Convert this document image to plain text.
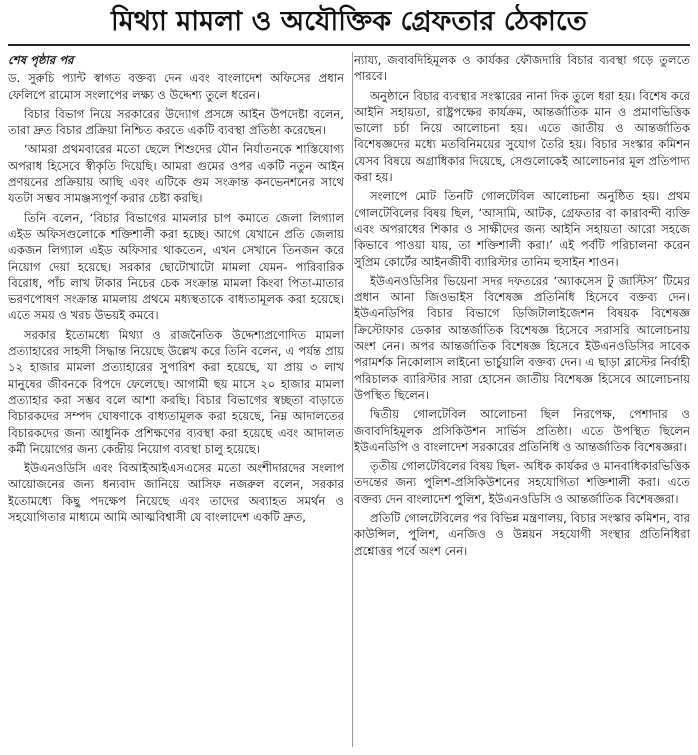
মিথ্যা মামলা ও অযৌক্তিক গ্রেফতার ঠেকাতে
শেষ পৃষ্ঠার পর

ড. সুরুচি প্যান্ট স্বাগত বক্তব্য দেন এবং বাংলাদেশ অফিসের প্রধান ফেলিপে রামোস সংলাপের লক্ষ্য ও উদ্দেশ্য তুলে ধরেন।

বিচার বিভাগ নিয়ে সরকারের উদ্যোগ প্রসঙ্গে আইন উপদেষ্টা বলেন, তারা দ্রুত বিচার প্রক্রিয়া নিশ্চিত করতে একটি ব্যবস্থা প্রতিষ্ঠা করেছেন।

‘আমরা প্রথমবারের মতো ছেলে শিশুদের যৌন নির্যাতনকে শাস্তিযোগ্য অপরাধ হিসেবে স্বীকৃতি দিয়েছি। আমরা গুমের ওপর একটি নতুন আইন প্রণয়নের প্রক্রিয়ায় আছি এবং এটিকে গুম সংক্রান্ত কনভেনশনের সাথে যতটা সম্ভব সামঞ্জস্যপূর্ণ করার চেষ্টা করছি।

তিনি বলেন, ‘বিচার বিভাগের মামলার চাপ কমাতে জেলা লিগ্যাল এইড অফিসগুলোকে শক্তিশালী করা হচ্ছে। আগে যেখানে প্রতি জেলায় একজন লিগ্যাল এইড অফিসার থাকতেন, এখন সেখানে তিনজন করে নিয়োগ দেয়া হয়েছে। সরকার ছোটোখাটো মামলা যেমন- পারিবারিক বিরোধ, পাঁচ লাখ টাকার নিচের চেক সংক্রান্ত মামলা কিংবা পিতা-মাতার ভরণপোষণ সংক্রান্ত মামলায় প্রথমে মধ্যস্থতাকে বাধ্যতামূলক করা হয়েছে। এতে সময় ও খরচ উভয়ই কমবে।

সরকার ইতোমধ্যে মিথ্যা ও রাজনৈতিক উদ্দেশ্যপ্রণোদিত মামলা প্রত্যাহারের সাহসী সিদ্ধান্ত নিয়েছে উল্লেখ করে তিনি বলেন, এ পর্যন্ত প্রায় ১২ হাজার মামলা প্রত্যাহারের সুপারিশ করা হয়েছে, যা প্রায় ৩ লাখ মানুষের জীবনকে বিপদে ফেলেছে। আগামী ছয় মাসে ২০ হাজার মামলা প্রত্যাহার করা সম্ভব বলে আশা করছি। বিচার বিভাগের স্বচ্ছতা বাড়াতে বিচারকদের সম্পদ ঘোষণাকে বাধ্যতামূলক করা হয়েছে, নিম্ন আদালতের বিচারকদের জন্য আধুনিক প্রশিক্ষণের ব্যবস্থা করা হয়েছে এবং আদালত কর্মী নিয়োগের জন্য কেন্দ্রীয় নিয়োগ ব্যবস্থা চালু হয়েছে।

ইউএনওডিসি এবং বিআইআইএসএসের মতো অংশীদারদের সংলাপ আয়োজনের জন্য ধন্যবাদ জানিয়ে আসিফ নজরুল বলেন, সরকার ইতোমধ্যে কিছু পদক্ষেপ নিয়েছে এবং তাদের অব্যাহত সমর্থন ও সহযোগিতার মাধ্যমে আমি আত্মবিশ্বাসী যে বাংলাদেশ একটি দ্রুত,

ন্যায্য, জবাবদিহিমূলক ও কার্যকর ফৌজদারি বিচার ব্যবস্থা গড়ে তুলতে পারবে।

অনুষ্ঠানে বিচার ব্যবস্থার সংস্কারের নানা দিক তুলে ধরা হয়। বিশেষ করে আইনি সহায়তা, রাষ্ট্রপক্ষের কার্যক্রম, আন্তর্জাতিক মান ও প্রমাণভিত্তিক ভালো চর্চা নিয়ে আলোচনা হয়। এতে জাতীয় ও আন্তর্জাতিক বিশেষজ্ঞদের মধ্যে মতবিনিময়ের সুযোগ তৈরি হয়। বিচার সংস্কার কমিশন যেসব বিষয়ে অগ্রাধিকার দিয়েছে, সেগুলোকেই আলোচনার মূল প্রতিপাদ্য করা হয়।

সংলাপে মোট তিনটি গোলটেবিল আলোচনা অনুষ্ঠিত হয়। প্রথম গোলটেবিলের বিষয় ছিল, ‘আসামি, আটক, গ্রেফতার বা কারাবন্দী ব্যক্তি এবং অপরাধের শিকার ও সাক্ষীদের জন্য আইনি সহায়তা আরো সহজে কিভাবে পাওয়া যায়, তা শক্তিশালী করা।’ এই পর্বটি পরিচালনা করেন সুপ্রিম কোর্টের আইনজীবী ব্যারিস্টার তানিম হুসাইন শাওন।

ইউএনওডিসির ভিয়েনা সদর দফতরের ‘অ্যাকসেস টু জাস্টিস’ টিমের প্রধান আনা জিওভাইস বিশেষজ্ঞ প্রতিনিধি হিসেবে বক্তব্য দেন। ইউএনডিপির বিচার বিভাগে ডিজিটালাইজেশন বিষয়ক বিশেষজ্ঞ ক্রিস্টোফার ডেকার আন্তর্জাতিক বিশেষজ্ঞ হিসেবে সরাসরি আলোচনায় অংশ নেন। অপর আন্তর্জাতিক বিশেষজ্ঞ হিসেবে ইউএনওডিসির সাবেক পরামর্শক নিকোলাস লাইনো ভার্চুয়ালি বক্তব্য দেন। এ ছাড়া ব্লাস্টের নির্বাহী পরিচালক ব্যারিস্টার সারা হোসেন জাতীয় বিশেষজ্ঞ হিসেবে আলোচনায় উপস্থিত ছিলেন।

দ্বিতীয় গোলটেবিল আলোচনা ছিল নিরপেক্ষ, পেশাদার ও জবাবদিহিমূলক প্রসিকিউশন সার্ভিস প্রতিষ্ঠা। এতে উপস্থিত ছিলেন ইউএনডিপি ও বাংলাদেশ সরকারের প্রতিনিধি ও আন্তর্জাতিক বিশেষজ্ঞরা।

তৃতীয় গোলটেবিলের বিষয় ছিল- অধিক কার্যকর ও মানবাধিকারভিত্তিক তদন্তের জন্য পুলিশ-প্রসিকিউশনের সহযোগিতা শক্তিশালী করা। এতে বক্তব্য দেন বাংলাদেশ পুলিশ, ইউএনওডিসি ও আন্তর্জাতিক বিশেষজ্ঞরা।

প্রতিটি গোলটেবিলের পর বিভিন্ন মন্ত্রণালয়, বিচার সংস্কার কমিশন, বার কাউন্সিল, পুলিশ, এনজিও ও উন্নয়ন সহযোগী সংস্থার প্রতিনিধিরা প্রশ্নোত্তর পর্বে অংশ নেন।
